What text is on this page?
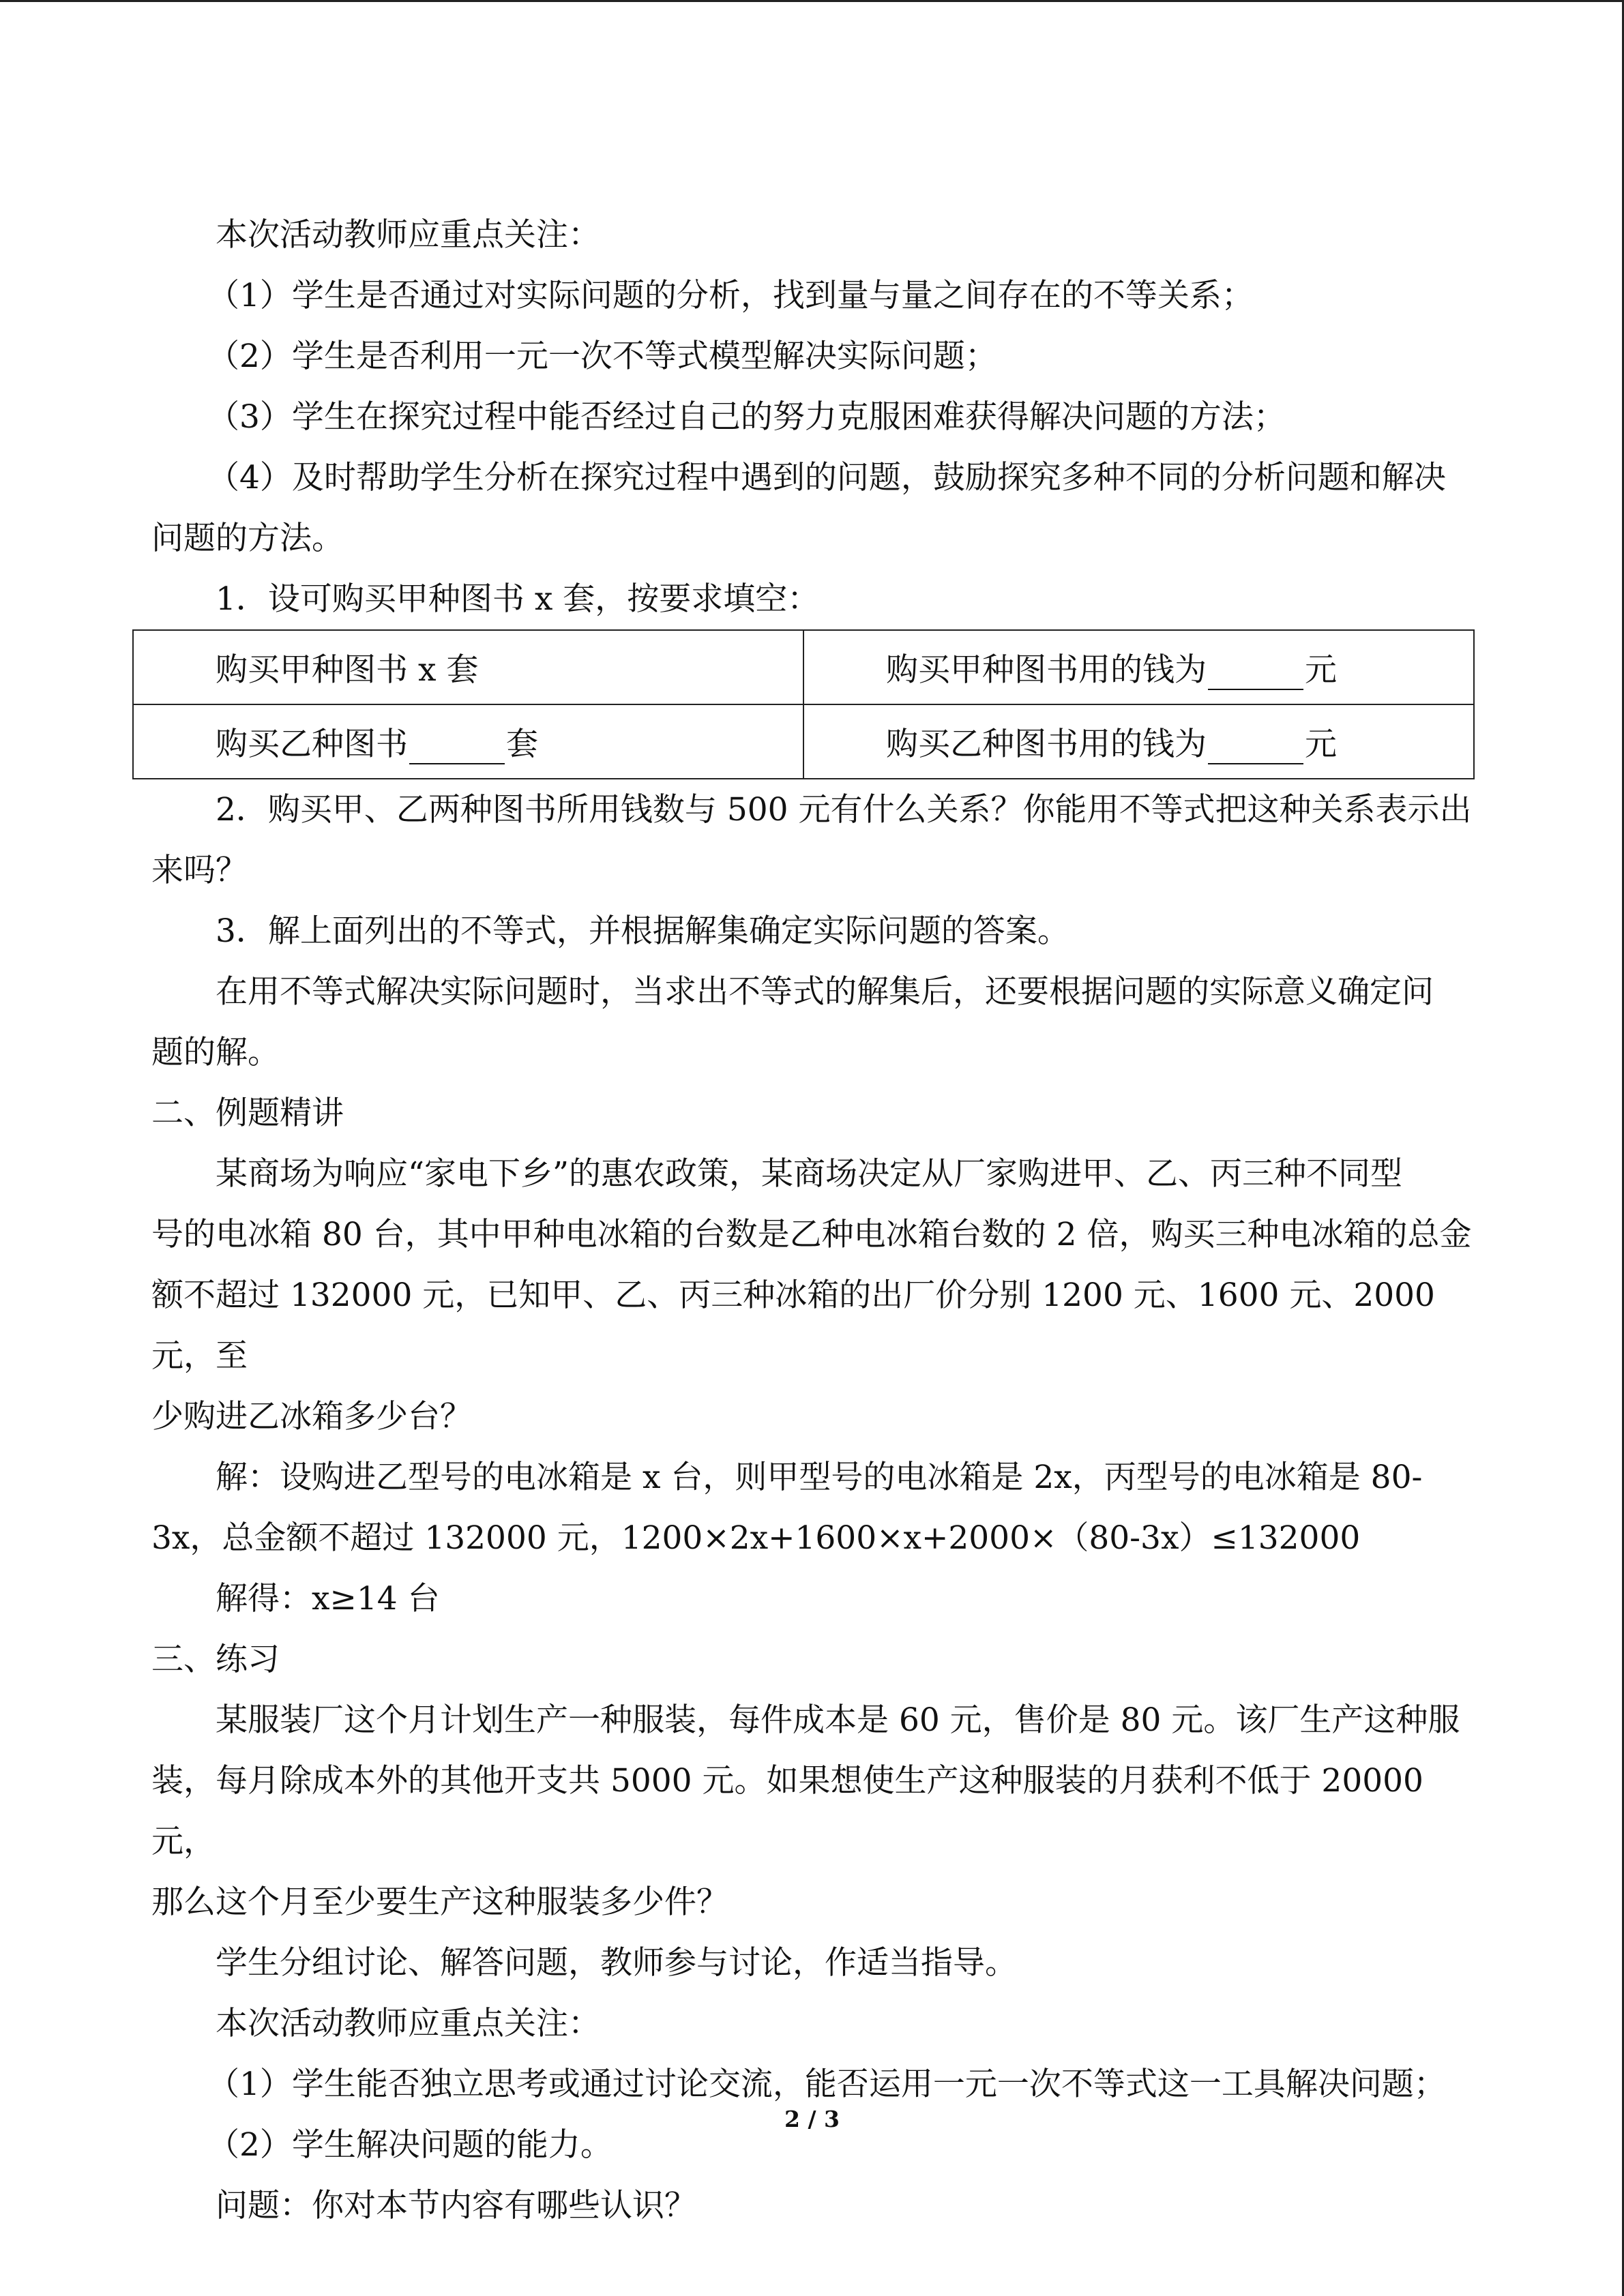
本次活动教师应重点关注：

（1）学生是否通过对实际问题的分析，找到量与量之间存在的不等关系；

（2）学生是否利用一元一次不等式模型解决实际问题；

（3）学生在探究过程中能否经过自己的努力克服困难获得解决问题的方法；

（4）及时帮助学生分析在探究过程中遇到的问题，鼓励探究多种不同的分析问题和解决

问题的方法。

1．设可购买甲种图书 x 套，按要求填空：

购买甲种图书 x 套	购买甲种图书用的钱为 元
购买乙种图书 套	购买乙种图书用的钱为 元

2．购买甲、乙两种图书所用钱数与 500 元有什么关系？你能用不等式把这种关系表示出

来吗？

3．解上面列出的不等式，并根据解集确定实际问题的答案。

在用不等式解决实际问题时，当求出不等式的解集后，还要根据问题的实际意义确定问

题的解。

二、例题精讲

某商场为响应“家电下乡”的惠农政策，某商场决定从厂家购进甲、乙、丙三种不同型

号的电冰箱 80 台，其中甲种电冰箱的台数是乙种电冰箱台数的 2 倍，购买三种电冰箱的总金

额不超过 132000 元，已知甲、乙、丙三种冰箱的出厂价分别 1200 元、1600 元、2000 元，至

少购进乙冰箱多少台？

解：设购进乙型号的电冰箱是 x 台，则甲型号的电冰箱是 2x，丙型号的电冰箱是 80-

3x，总金额不超过 132000 元，1200×2x+1600×x+2000×（80-3x）≤132000

解得：x≥14 台

三、练习

某服装厂这个月计划生产一种服装，每件成本是 60 元，售价是 80 元。该厂生产这种服

装，每月除成本外的其他开支共 5000 元。如果想使生产这种服装的月获利不低于 20000 元，

那么这个月至少要生产这种服装多少件？

学生分组讨论、解答问题，教师参与讨论，作适当指导。

本次活动教师应重点关注：

（1）学生能否独立思考或通过讨论交流，能否运用一元一次不等式这一工具解决问题；

（2）学生解决问题的能力。

问题：你对本节内容有哪些认识？

2 / 3
